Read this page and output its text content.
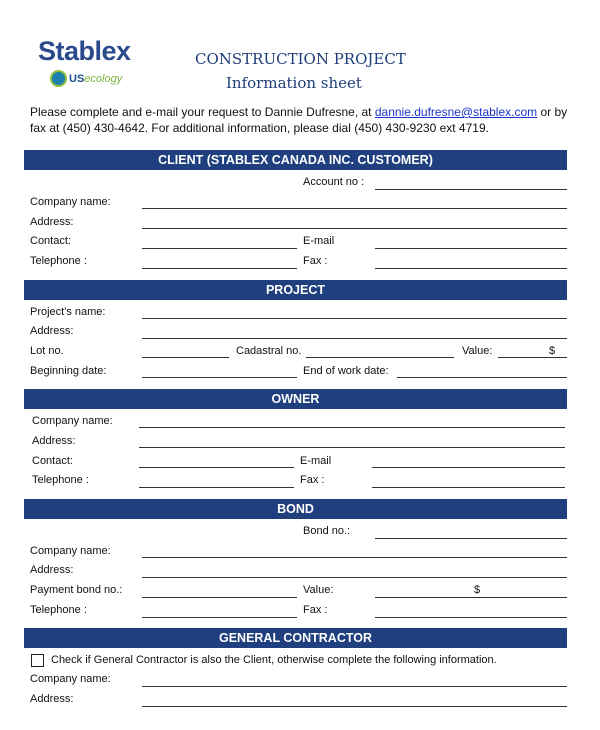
Stablex
US ecology
CONSTRUCTION PROJECT
Information sheet
Please complete and e-mail your request to Dannie Dufresne, at dannie.dufresne@stablex.com or by
fax at (450) 430-4642. For additional information, please dial (450) 430-9230 ext 4719.
CLIENT (STABLEX CANADA INC. CUSTOMER)
Account no :
Company name:
Address:
Contact:	E-mail
Telephone :	Fax :
PROJECT
Project's name:
Address:
Lot no.	Cadastral no.	Value:	$
Beginning date:	End of work date:
OWNER
Company name:
Address:
Contact:	E-mail
Telephone :	Fax :
BOND
Bond no.:
Company name:
Address:
Payment bond no.:	Value:	$
Telephone :	Fax :
GENERAL CONTRACTOR
Check if General Contractor is also the Client, otherwise complete the following information.
Company name:
Address:
